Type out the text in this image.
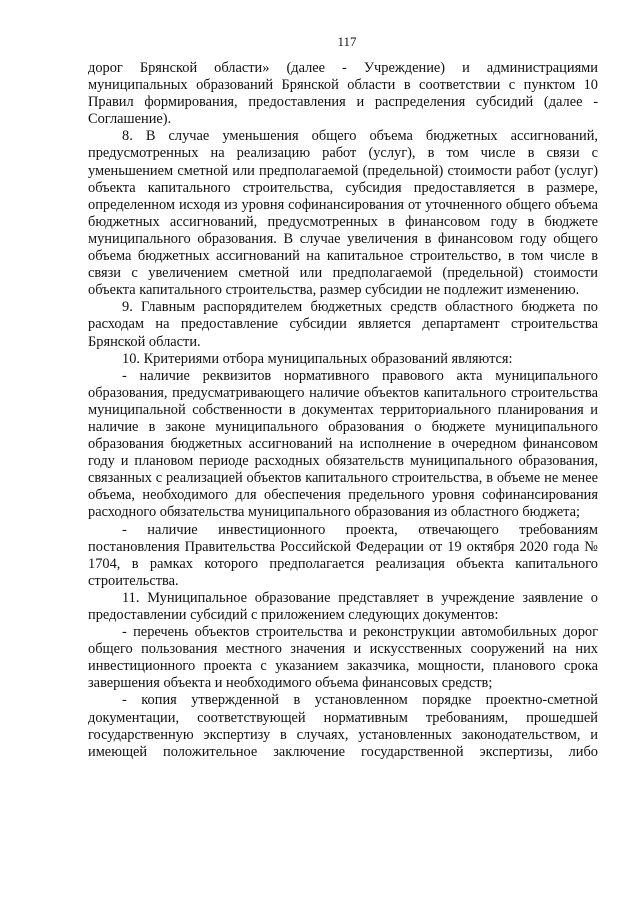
117

дорог Брянской области» (далее - Учреждение) и администрациями муниципальных образований Брянской области в соответствии с пунктом 10 Правил формирования, предоставления и распределения субсидий (далее - Соглашение).

8. В случае уменьшения общего объема бюджетных ассигнований, предусмотренных на реализацию работ (услуг), в том числе в связи с уменьшением сметной или предполагаемой (предельной) стоимости работ (услуг) объекта капитального строительства, субсидия предоставляется в размере, определенном исходя из уровня софинансирования от уточненного общего объема бюджетных ассигнований, предусмотренных в финансовом году в бюджете муниципального образования. В случае увеличения в финансовом году общего объема бюджетных ассигнований на капитальное строительство, в том числе в связи с увеличением сметной или предполагаемой (предельной) стоимости объекта капитального строительства, размер субсидии не подлежит изменению.

9. Главным распорядителем бюджетных средств областного бюджета по расходам на предоставление субсидии является департамент строительства Брянской области.

10. Критериями отбора муниципальных образований являются:

- наличие реквизитов нормативного правового акта муниципального образования, предусматривающего наличие объектов капитального строительства муниципальной собственности в документах территориального планирования и наличие в законе муниципального образования о бюджете муниципального образования бюджетных ассигнований на исполнение в очередном финансовом году и плановом периоде расходных обязательств муниципального образования, связанных с реализацией объектов капитального строительства, в объеме не менее объема, необходимого для обеспечения предельного уровня софинансирования расходного обязательства муниципального образования из областного бюджета;

- наличие инвестиционного проекта, отвечающего требованиям постановления Правительства Российской Федерации от 19 октября 2020 года № 1704, в рамках которого предполагается реализация объекта капитального строительства.

11. Муниципальное образование представляет в учреждение заявление о предоставлении субсидий с приложением следующих документов:

- перечень объектов строительства и реконструкции автомобильных дорог общего пользования местного значения и искусственных сооружений на них инвестиционного проекта с указанием заказчика, мощности, планового срока завершения объекта и необходимого объема финансовых средств;

- копия утвержденной в установленном порядке проектно-сметной документации, соответствующей нормативным требованиям, прошедшей государственную экспертизу в случаях, установленных законодательством, и имеющей положительное заключение государственной экспертизы, либо
